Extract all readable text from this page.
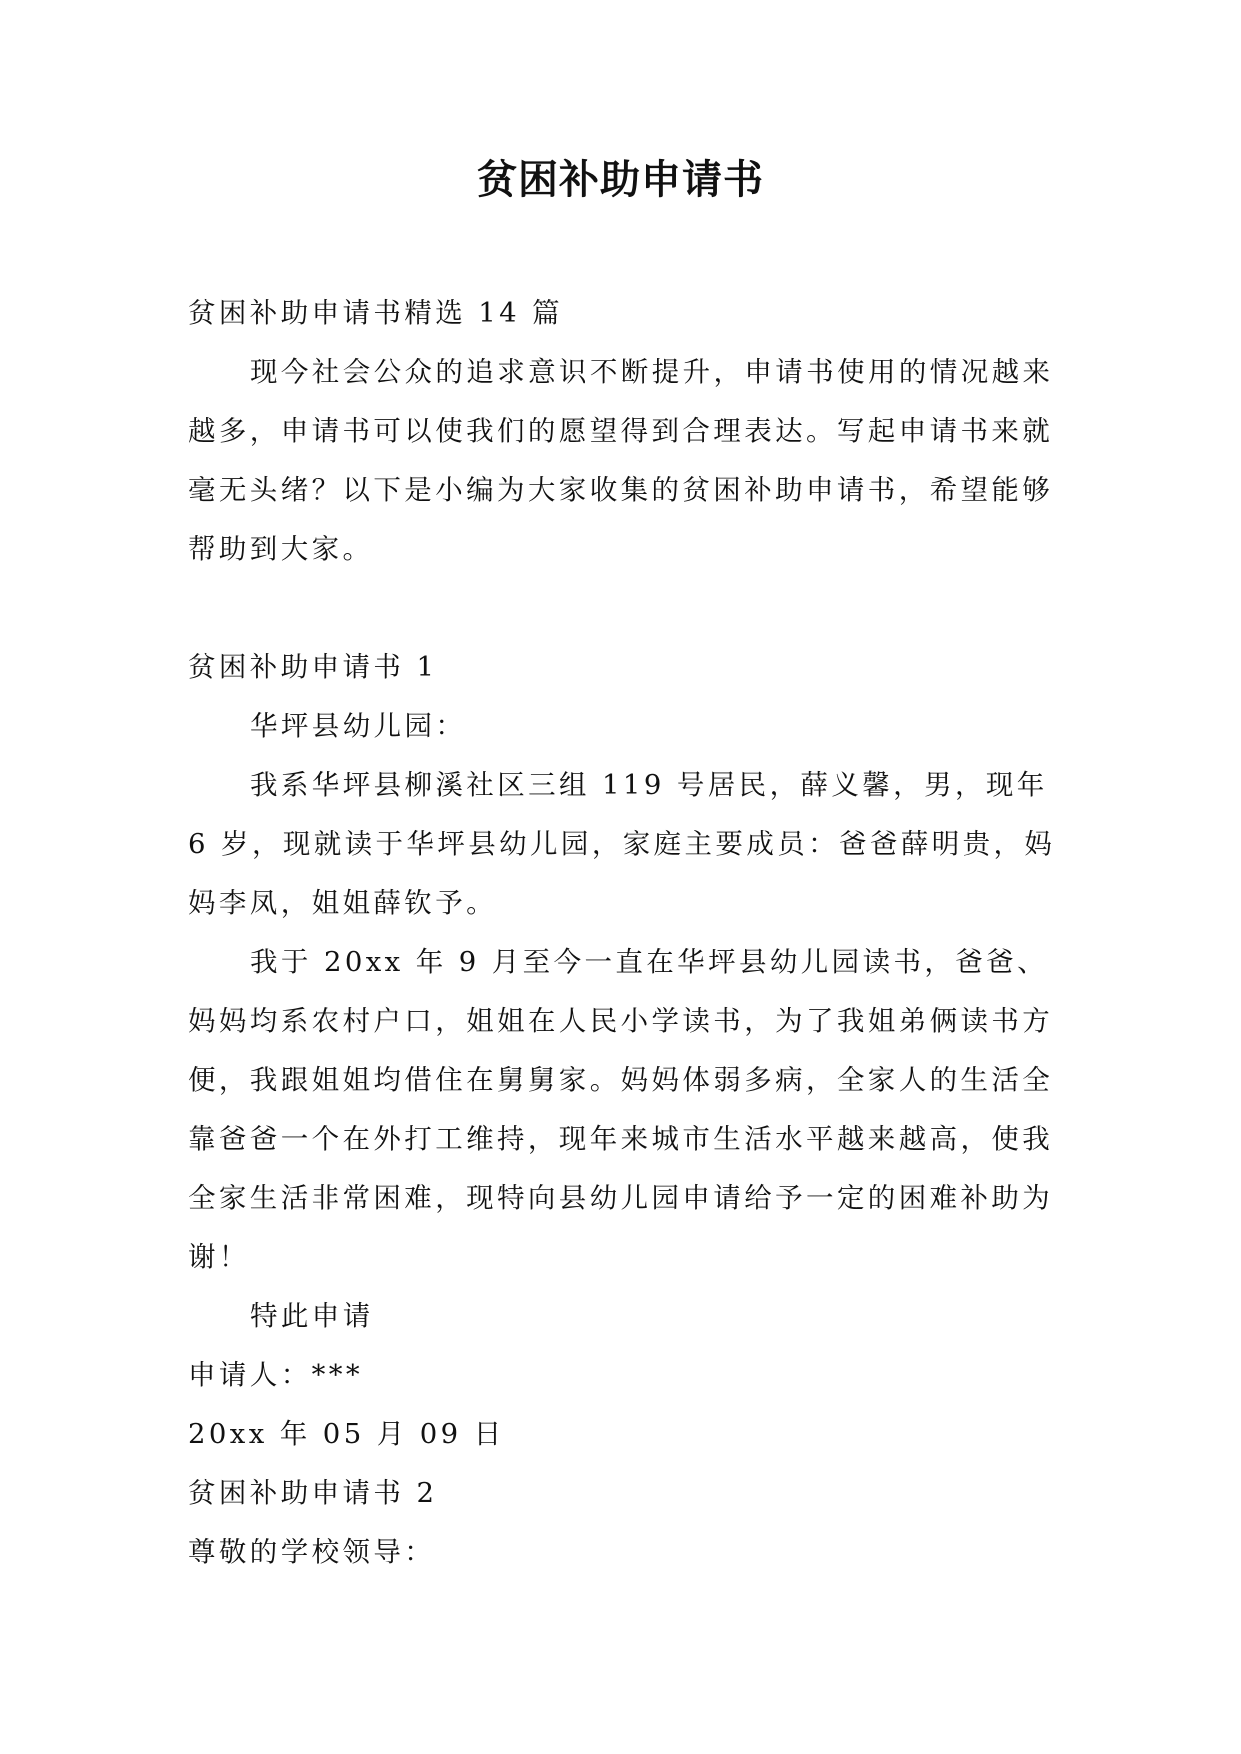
贫困补助申请书

贫困补助申请书精选 14 篇

现今社会公众的追求意识不断提升，申请书使用的情况越来越多，申请书可以使我们的愿望得到合理表达。写起申请书来就毫无头绪？以下是小编为大家收集的贫困补助申请书，希望能够帮助到大家。

贫困补助申请书 1

华坪县幼儿园：

我系华坪县柳溪社区三组 119 号居民，薛义馨，男，现年 6 岁，现就读于华坪县幼儿园，家庭主要成员：爸爸薛明贵，妈妈李凤，姐姐薛钦予。

我于 20xx 年 9 月至今一直在华坪县幼儿园读书，爸爸、妈妈均系农村户口，姐姐在人民小学读书，为了我姐弟俩读书方便，我跟姐姐均借住在舅舅家。妈妈体弱多病，全家人的生活全靠爸爸一个在外打工维持，现年来城市生活水平越来越高，使我全家生活非常困难，现特向县幼儿园申请给予一定的困难补助为谢！

特此申请

申请人：***

20xx 年 05 月 09 日

贫困补助申请书 2

尊敬的学校领导：
